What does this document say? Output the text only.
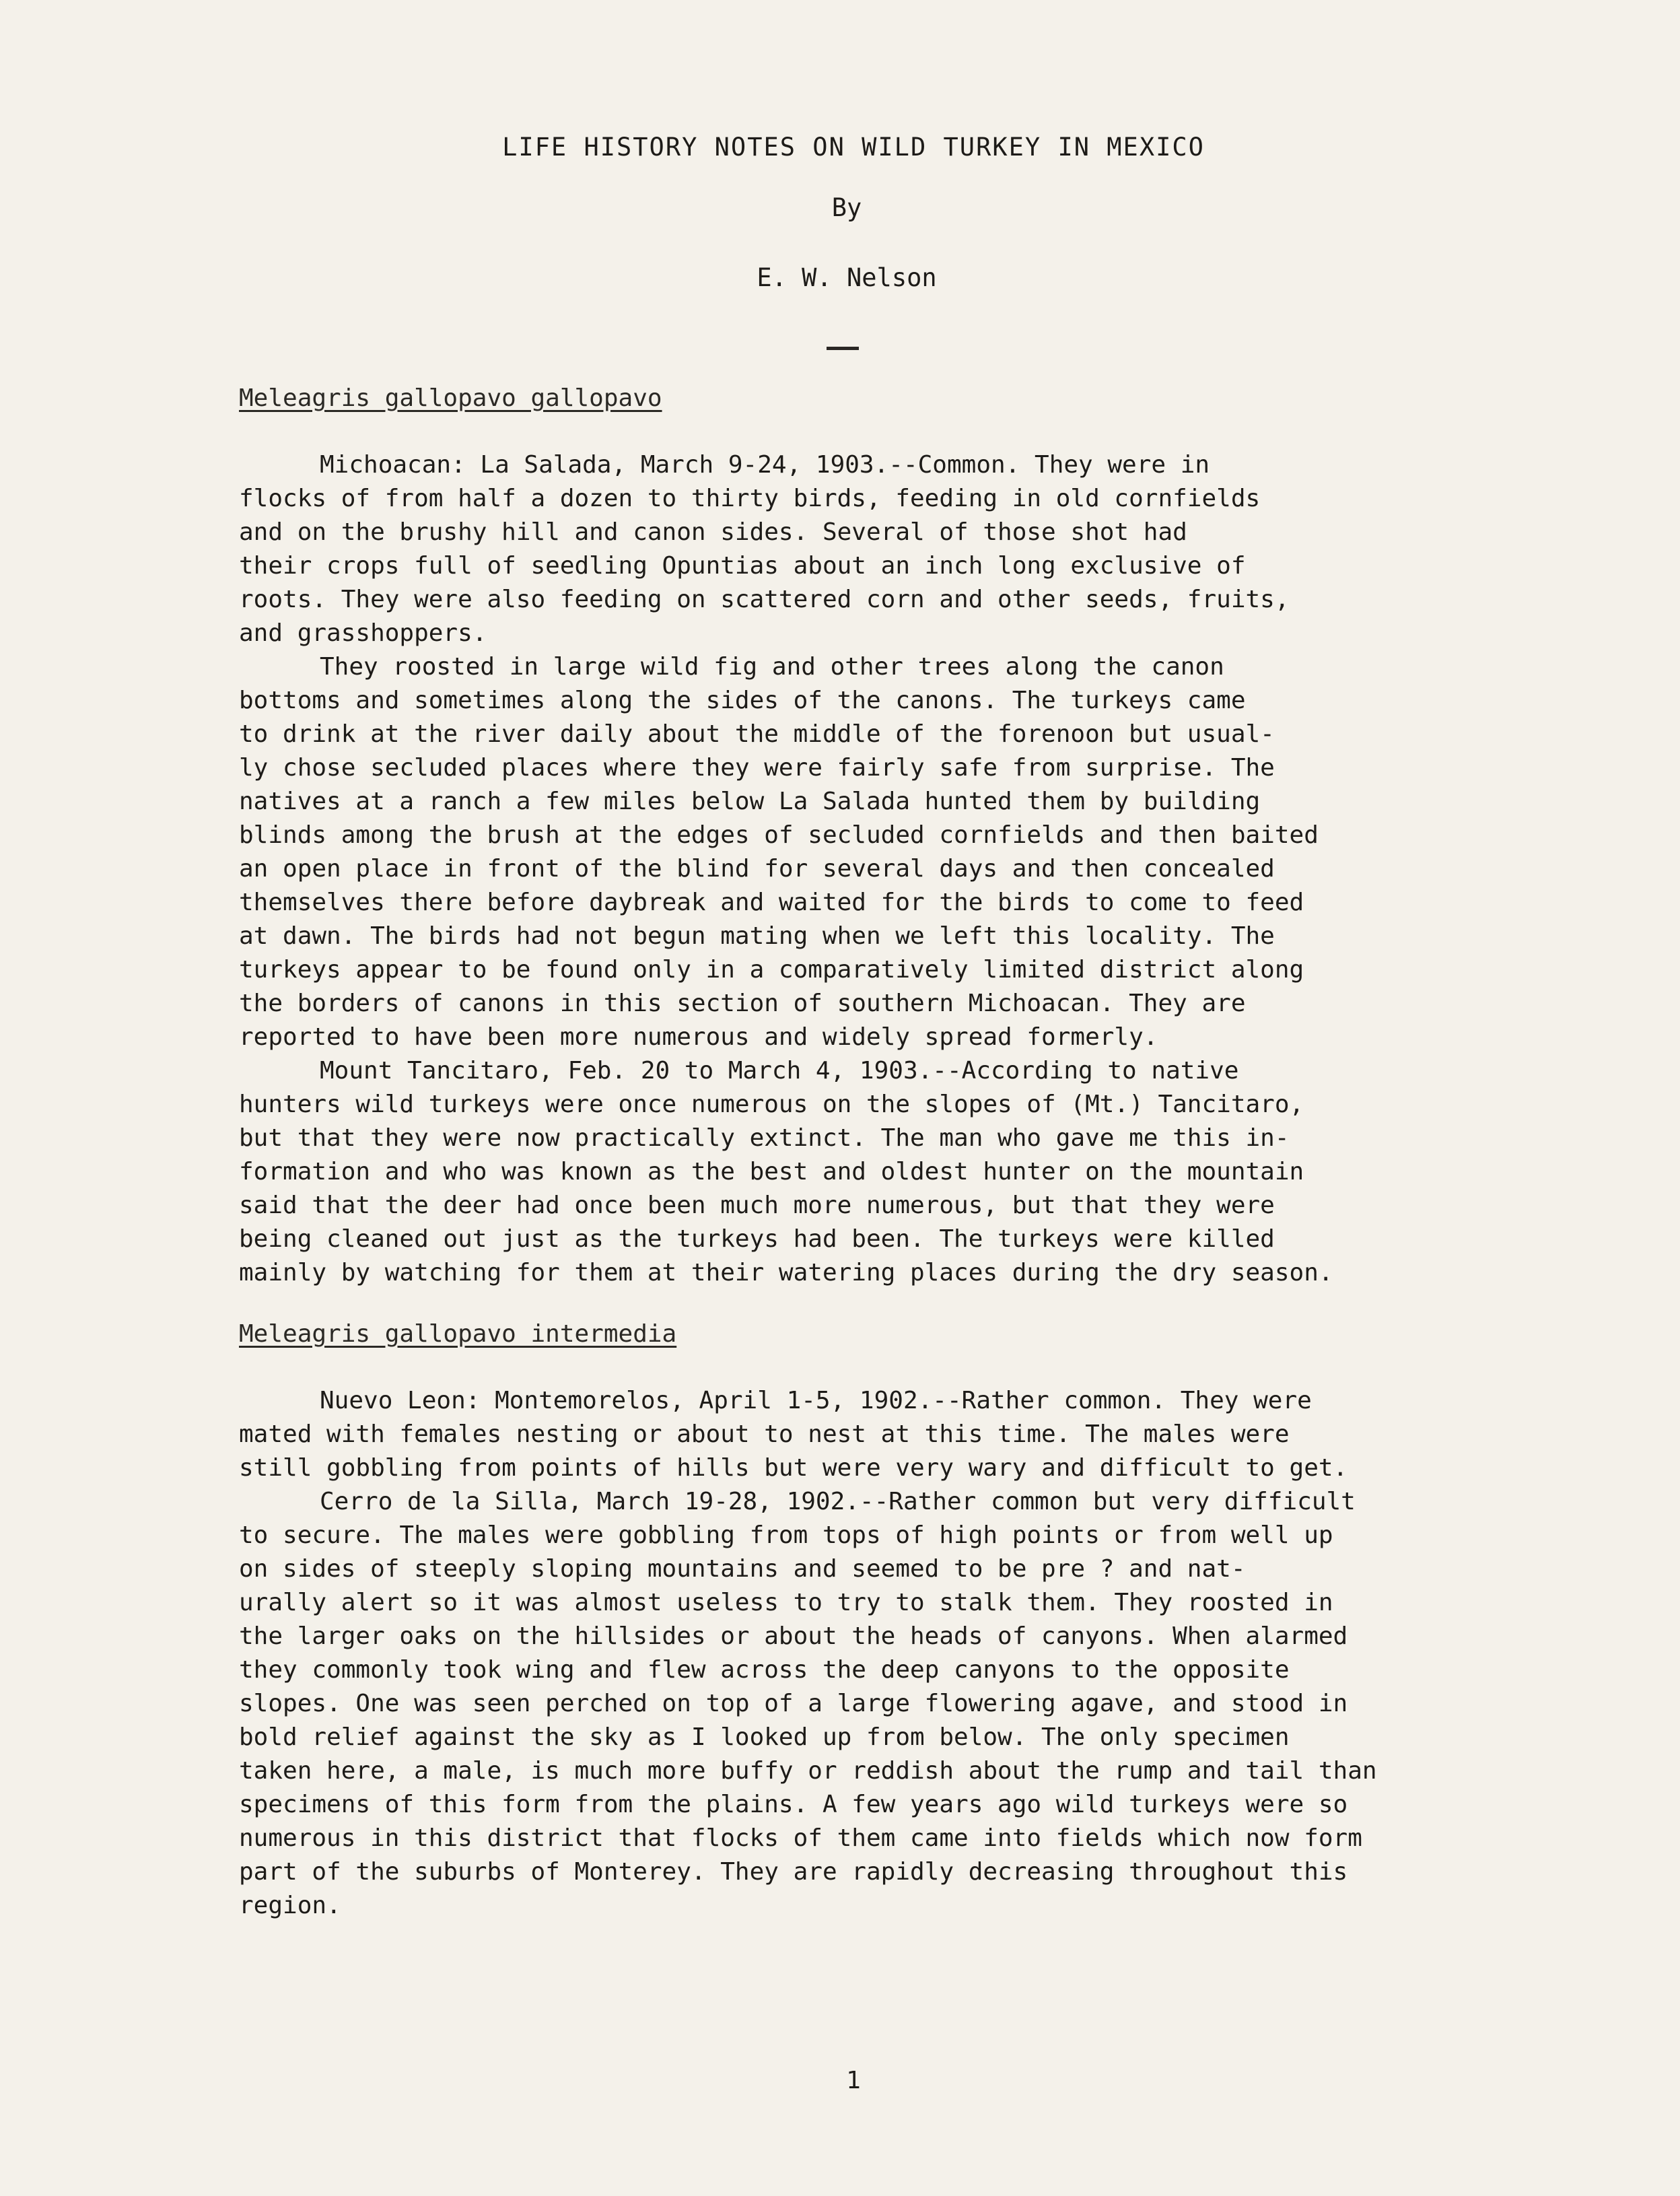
LIFE HISTORY NOTES ON WILD TURKEY IN MEXICO
By
E. W. Nelson
Meleagris gallopavo gallopavo

Michoacan: La Salada, March 9-24, 1903.--Common. They were in
flocks of from half a dozen to thirty birds, feeding in old cornfields
and on the brushy hill and canon sides. Several of those shot had
their crops full of seedling Opuntias about an inch long exclusive of
roots. They were also feeding on scattered corn and other seeds, fruits,
and grasshoppers.

They roosted in large wild fig and other trees along the canon
bottoms and sometimes along the sides of the canons. The turkeys came
to drink at the river daily about the middle of the forenoon but usual-
ly chose secluded places where they were fairly safe from surprise. The
natives at a ranch a few miles below La Salada hunted them by building
blinds among the brush at the edges of secluded cornfields and then baited
an open place in front of the blind for several days and then concealed
themselves there before daybreak and waited for the birds to come to feed
at dawn. The birds had not begun mating when we left this locality. The
turkeys appear to be found only in a comparatively limited district along
the borders of canons in this section of southern Michoacan. They are
reported to have been more numerous and widely spread formerly.

Mount Tancitaro, Feb. 20 to March 4, 1903.--According to native
hunters wild turkeys were once numerous on the slopes of (Mt.) Tancitaro,
but that they were now practically extinct. The man who gave me this in-
formation and who was known as the best and oldest hunter on the mountain
said that the deer had once been much more numerous, but that they were
being cleaned out just as the turkeys had been. The turkeys were killed
mainly by watching for them at their watering places during the dry season.

Meleagris gallopavo intermedia

Nuevo Leon: Montemorelos, April 1-5, 1902.--Rather common. They were
mated with females nesting or about to nest at this time. The males were
still gobbling from points of hills but were very wary and difficult to get.

Cerro de la Silla, March 19-28, 1902.--Rather common but very difficult
to secure. The males were gobbling from tops of high points or from well up
on sides of steeply sloping mountains and seemed to be pre ? and nat-
urally alert so it was almost useless to try to stalk them. They roosted in
the larger oaks on the hillsides or about the heads of canyons. When alarmed
they commonly took wing and flew across the deep canyons to the opposite
slopes. One was seen perched on top of a large flowering agave, and stood in
bold relief against the sky as I looked up from below. The only specimen
taken here, a male, is much more buffy or reddish about the rump and tail than
specimens of this form from the plains. A few years ago wild turkeys were so
numerous in this district that flocks of them came into fields which now form
part of the suburbs of Monterey. They are rapidly decreasing throughout this
region.

1
